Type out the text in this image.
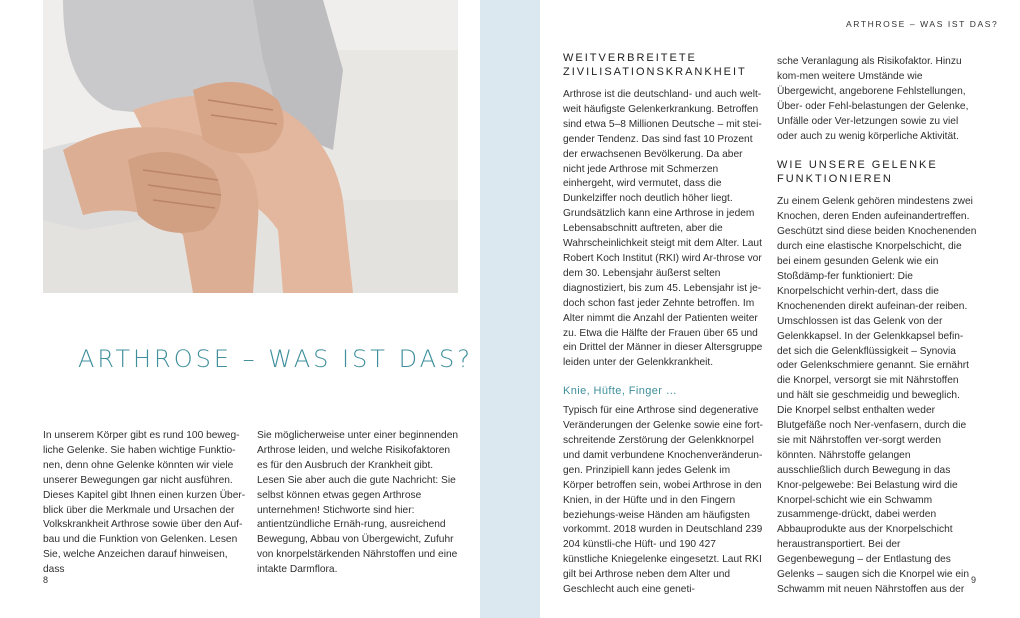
ARTHROSE – WAS IST DAS?

In unserem Körper gibt es rund 100 beweg-liche Gelenke. Sie haben wichtige Funktio-nen, denn ohne Gelenke könnten wir viele unserer Bewegungen gar nicht ausführen. Dieses Kapitel gibt Ihnen einen kurzen Über-blick über die Merkmale und Ursachen der Volkskrankheit Arthrose sowie über den Auf-bau und die Funktion von Gelenken. Lesen Sie, welche Anzeichen darauf hinweisen, dass

Sie möglicherweise unter einer beginnenden Arthrose leiden, und welche Risikofaktoren es für den Ausbruch der Krankheit gibt. Lesen Sie aber auch die gute Nachricht: Sie selbst können etwas gegen Arthrose unternehmen! Stichworte sind hier: antientzündliche Ernäh-rung, ausreichend Bewegung, Abbau von Übergewicht, Zufuhr von knorpelstärkenden Nährstoffen und eine intakte Darmflora.

8
ARTHROSE – WAS IST DAS?
WEITVERBREITETE
ZIVILISATIONSKRANKHEIT

Arthrose ist die deutschland- und auch welt-weit häufigste Gelenkerkrankung. Betroffen sind etwa 5–8 Millionen Deutsche – mit stei-gender Tendenz. Das sind fast 10 Prozent der erwachsenen Bevölkerung. Da aber nicht jede Arthrose mit Schmerzen einhergeht, wird vermutet, dass die Dunkelziffer noch deutlich höher liegt. Grundsätzlich kann eine Arthrose in jedem Lebensabschnitt auftreten, aber die Wahrscheinlichkeit steigt mit dem Alter. Laut Robert Koch Institut (RKI) wird Ar-throse vor dem 30. Lebensjahr äußerst selten diagnostiziert, bis zum 45. Lebensjahr ist je-doch schon fast jeder Zehnte betroffen. Im Alter nimmt die Anzahl der Patienten weiter zu. Etwa die Hälfte der Frauen über 65 und ein Drittel der Männer in dieser Altersgruppe leiden unter der Gelenkkrankheit.

Knie, Hüfte, Finger …

Typisch für eine Arthrose sind degenerative Veränderungen der Gelenke sowie eine fort-schreitende Zerstörung der Gelenkknorpel und damit verbundene Knochenveränderun-gen. Prinzipiell kann jedes Gelenk im Körper betroffen sein, wobei Arthrose in den Knien, in der Hüfte und in den Fingern beziehungs-weise Händen am häufigsten vorkommt. 2018 wurden in Deutschland 239 204 künstli-che Hüft- und 190 427 künstliche Kniegelenke eingesetzt. Laut RKI gilt bei Arthrose neben dem Alter und Geschlecht auch eine geneti-

sche Veranlagung als Risikofaktor. Hinzu kom-men weitere Umstände wie Übergewicht, angeborene Fehlstellungen, Über- oder Fehl-belastungen der Gelenke, Unfälle oder Ver-letzungen sowie zu viel oder auch zu wenig körperliche Aktivität.

WIE UNSERE GELENKE
FUNKTIONIEREN

Zu einem Gelenk gehören mindestens zwei Knochen, deren Enden aufeinandertreffen. Geschützt sind diese beiden Knochenenden durch eine elastische Knorpelschicht, die bei einem gesunden Gelenk wie ein Stoßdämp-fer funktioniert: Die Knorpelschicht verhin-dert, dass die Knochenenden direkt aufeinan-der reiben. Umschlossen ist das Gelenk von der Gelenkkapsel. In der Gelenkkapsel befin-det sich die Gelenkflüssigkeit – Synovia oder Gelenkschmiere genannt. Sie ernährt die Knorpel, versorgt sie mit Nährstoffen und hält sie geschmeidig und beweglich. Die Knorpel selbst enthalten weder Blutgefäße noch Ner-venfasern, durch die sie mit Nährstoffen ver-sorgt werden könnten. Nährstoffe gelangen ausschließlich durch Bewegung in das Knor-pelgewebe: Bei Belastung wird die Knorpel-schicht wie ein Schwamm zusammenge-drückt, dabei werden Abbauprodukte aus der Knorpelschicht heraustransportiert. Bei der Gegenbewegung – der Entlastung des Gelenks – saugen sich die Knorpel wie ein Schwamm mit neuen Nährstoffen aus der

9
